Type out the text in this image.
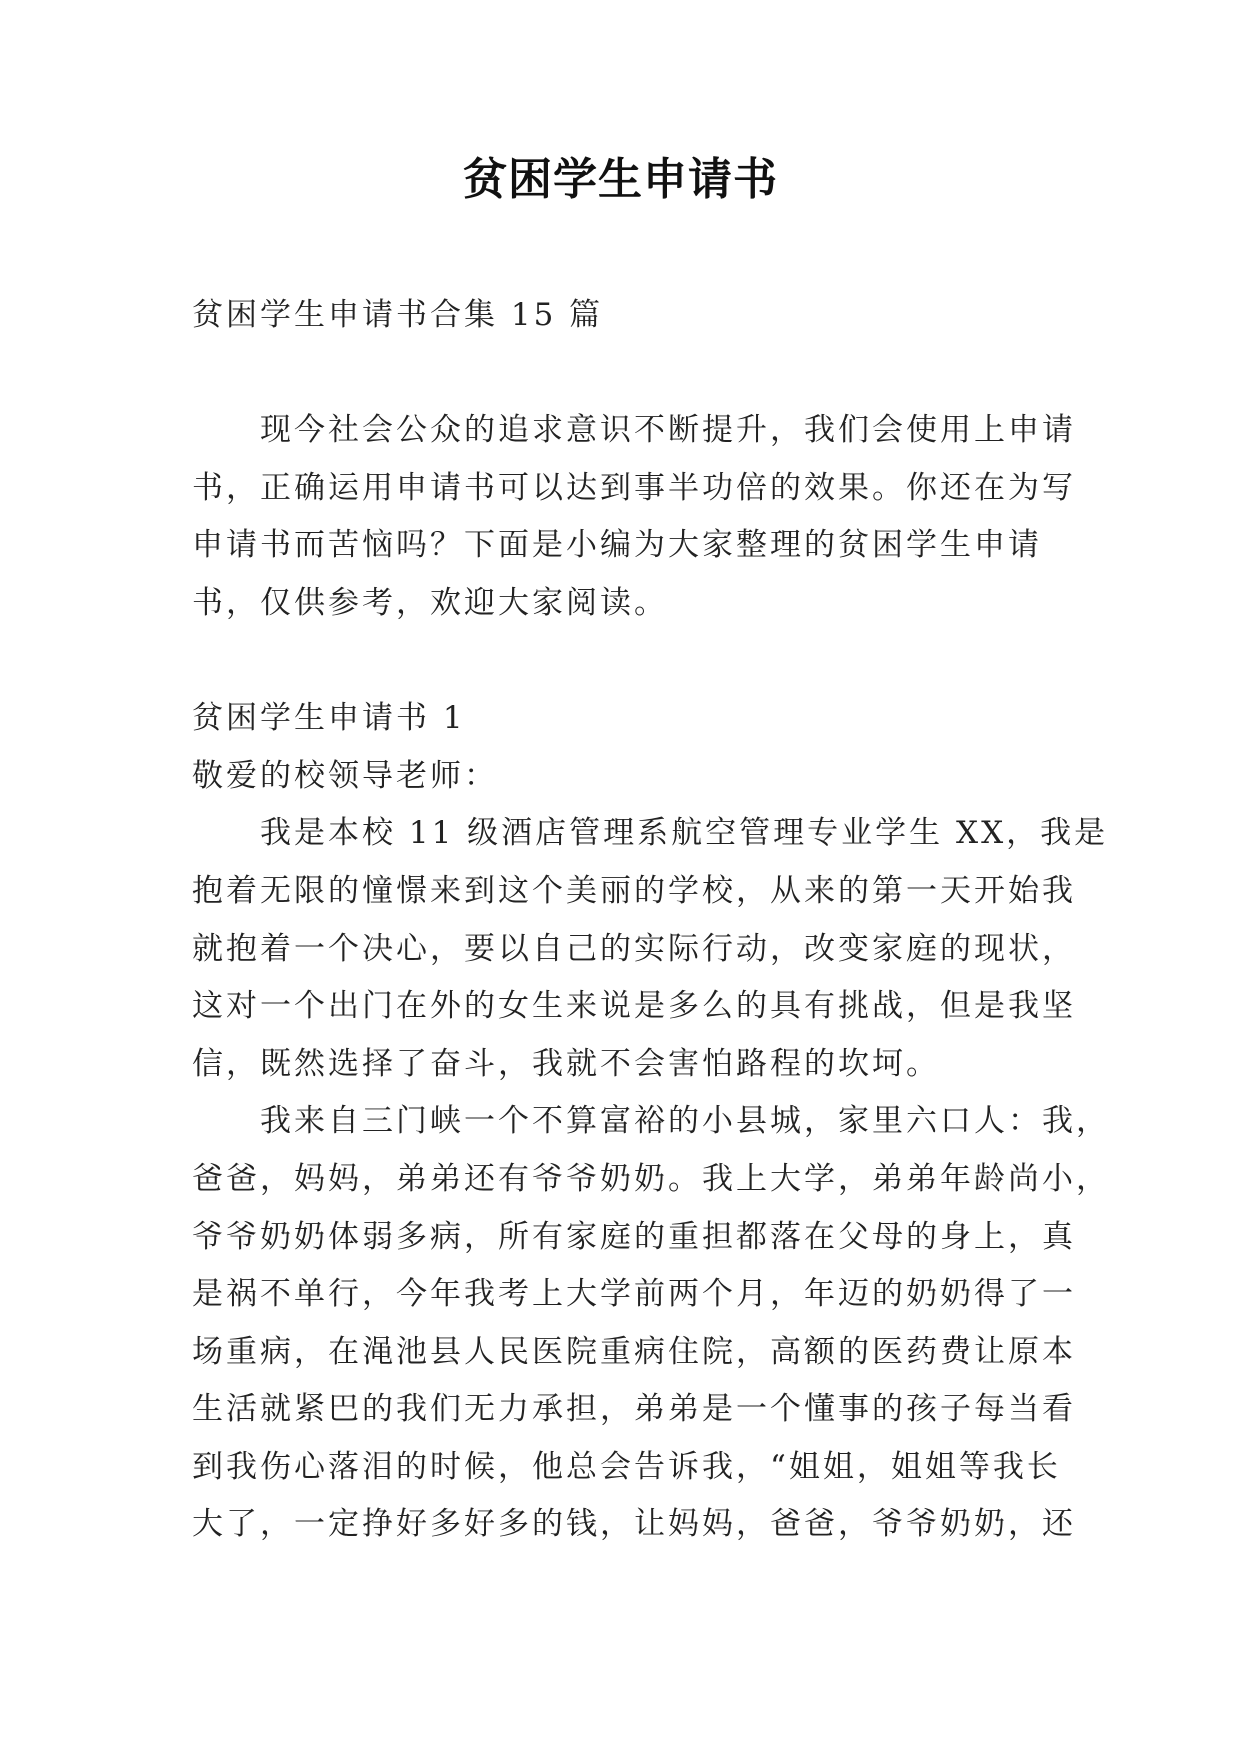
贫困学生申请书
贫困学生申请书合集 15 篇
现今社会公众的追求意识不断提升，我们会使用上申请
书，正确运用申请书可以达到事半功倍的效果。你还在为写
申请书而苦恼吗？下面是小编为大家整理的贫困学生申请
书，仅供参考，欢迎大家阅读。
贫困学生申请书 1
敬爱的校领导老师：
我是本校 11 级酒店管理系航空管理专业学生 XX，我是
抱着无限的憧憬来到这个美丽的学校，从来的第一天开始我
就抱着一个决心，要以自己的实际行动，改变家庭的现状，
这对一个出门在外的女生来说是多么的具有挑战，但是我坚
信，既然选择了奋斗，我就不会害怕路程的坎坷。
我来自三门峡一个不算富裕的小县城，家里六口人：我，
爸爸，妈妈，弟弟还有爷爷奶奶。我上大学，弟弟年龄尚小，
爷爷奶奶体弱多病，所有家庭的重担都落在父母的身上，真
是祸不单行，今年我考上大学前两个月，年迈的奶奶得了一
场重病，在渑池县人民医院重病住院，高额的医药费让原本
生活就紧巴的我们无力承担，弟弟是一个懂事的孩子每当看
到我伤心落泪的时候，他总会告诉我，“姐姐，姐姐等我长
大了，一定挣好多好多的钱，让妈妈，爸爸，爷爷奶奶，还
